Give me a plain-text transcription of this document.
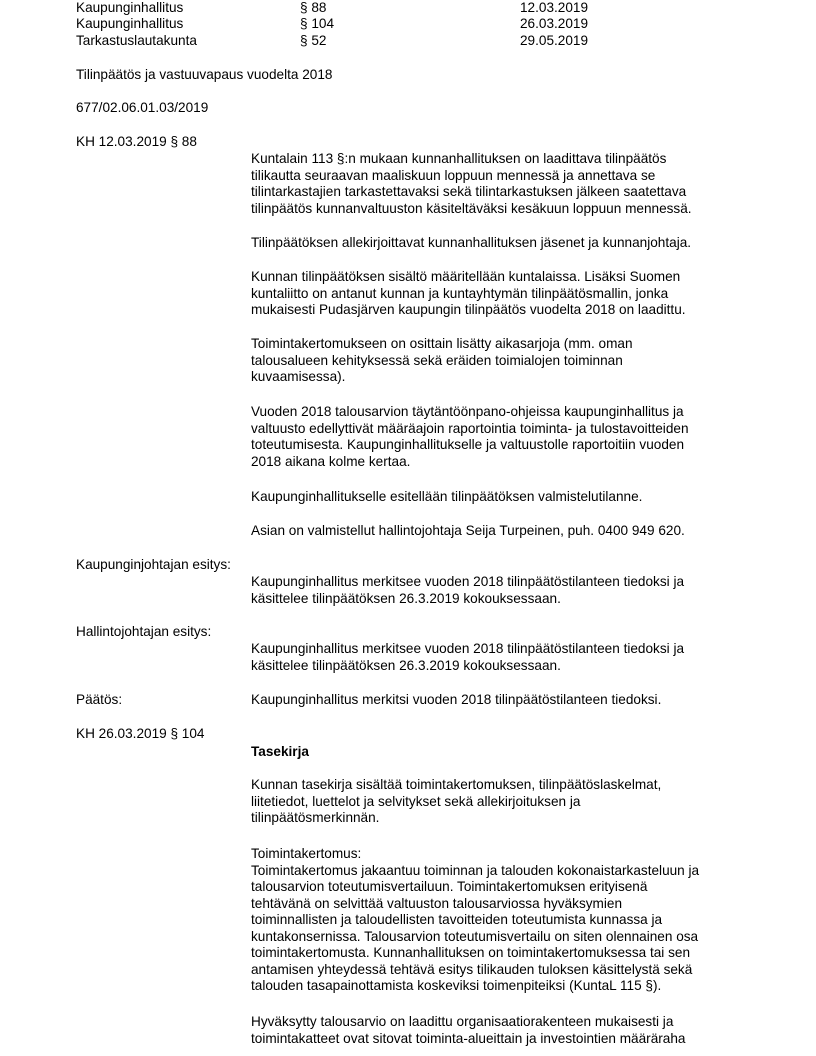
Kaupunginhallitus	§ 88	12.03.2019
Kaupunginhallitus	§ 104	26.03.2019
Tarkastuslautakunta	§ 52	29.05.2019
Tilinpäätös ja vastuuvapaus vuodelta 2018
677/02.06.01.03/2019
KH 12.03.2019 § 88
Kuntalain 113 §:n mukaan kunnanhallituksen on laadittava tilinpäätös
tilikautta seuraavan maaliskuun loppuun mennessä ja annettava se
tilintarkastajien tarkastettavaksi sekä tilintarkastuksen jälkeen saatettava
tilinpäätös kunnanvaltuuston käsiteltäväksi kesäkuun loppuun mennessä.
Tilinpäätöksen allekirjoittavat kunnanhallituksen jäsenet ja kunnanjohtaja.
Kunnan tilinpäätöksen sisältö määritellään kuntalaissa. Lisäksi Suomen
kuntaliitto on antanut kunnan ja kuntayhtymän tilinpäätösmallin, jonka
mukaisesti Pudasjärven kaupungin tilinpäätös vuodelta 2018 on laadittu.
Toimintakertomukseen on osittain lisätty aikasarjoja (mm. oman
talousalueen kehityksessä sekä eräiden toimialojen toiminnan
kuvaamisessa).
Vuoden 2018 talousarvion täytäntöönpano-ohjeissa kaupunginhallitus ja
valtuusto edellyttivät määräajoin raportointia toiminta- ja tulostavoitteiden
toteutumisesta. Kaupunginhallitukselle ja valtuustolle raportoitiin vuoden
2018 aikana kolme kertaa.
Kaupunginhallitukselle esitellään tilinpäätöksen valmistelutilanne.
Asian on valmistellut hallintojohtaja Seija Turpeinen, puh. 0400 949 620.
Kaupunginjohtajan esitys:
Kaupunginhallitus merkitsee vuoden 2018 tilinpäätöstilanteen tiedoksi ja
käsittelee tilinpäätöksen 26.3.2019 kokouksessaan.
Hallintojohtajan esitys:
Kaupunginhallitus merkitsee vuoden 2018 tilinpäätöstilanteen tiedoksi ja
käsittelee tilinpäätöksen 26.3.2019 kokouksessaan.
Päätös:	Kaupunginhallitus merkitsi vuoden 2018 tilinpäätöstilanteen tiedoksi.
KH 26.03.2019 § 104
Tasekirja
Kunnan tasekirja sisältää toimintakertomuksen, tilinpäätöslaskelmat,
liitetiedot, luettelot ja selvitykset sekä allekirjoituksen ja
tilinpäätösmerkinnän.
Toimintakertomus:
Toimintakertomus jakaantuu toiminnan ja talouden kokonaistarkasteluun ja
talousarvion toteutumisvertailuun. Toimintakertomuksen erityisenä
tehtävänä on selvittää valtuuston talousarviossa hyväksymien
toiminnallisten ja taloudellisten tavoitteiden toteutumista kunnassa ja
kuntakonsernissa. Talousarvion toteutumisvertailu on siten olennainen osa
toimintakertomusta. Kunnanhallituksen on toimintakertomuksessa tai sen
antamisen yhteydessä tehtävä esitys tilikauden tuloksen käsittelystä sekä
talouden tasapainottamista koskeviksi toimenpiteiksi (KuntaL 115 §).
Hyväksytty talousarvio on laadittu organisaatiorakenteen mukaisesti ja
toimintakatteet ovat sitovat toiminta-alueittain ja investointien määräraha
